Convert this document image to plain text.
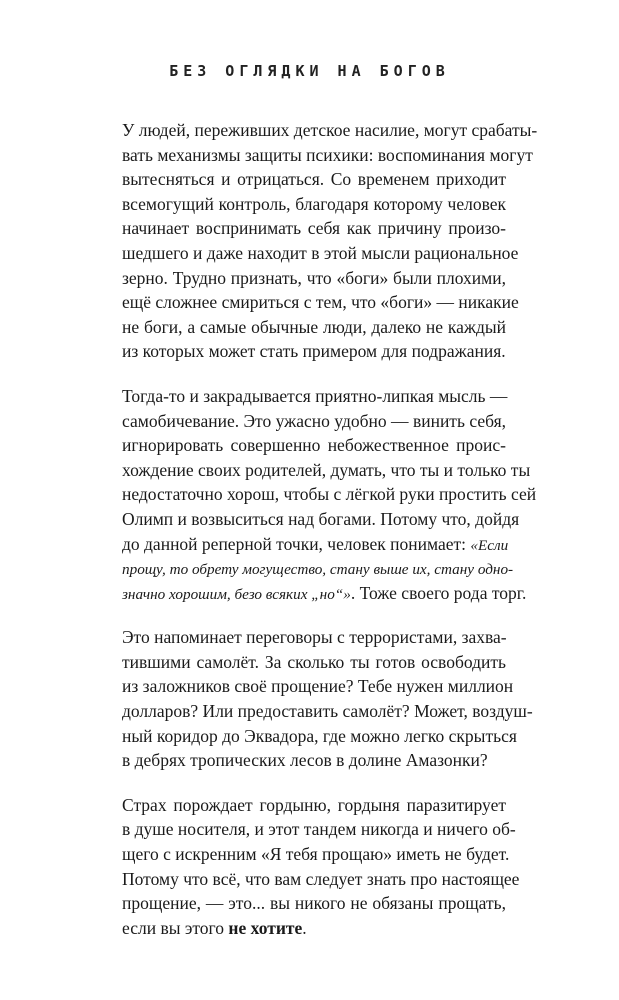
БЕЗ ОГЛЯДКИ НА БОГОВ
У людей, переживших детское насилие, могут срабаты-
вать механизмы защиты психики: воспоминания могут
вытесняться и отрицаться. Со временем приходит
всемогущий контроль, благодаря которому человек
начинает воспринимать себя как причину произо-
шедшего и даже находит в этой мысли рациональное
зерно. Трудно признать, что «боги» были плохими,
ещё сложнее смириться с тем, что «боги» — никакие
не боги, а самые обычные люди, далеко не каждый
из которых может стать примером для подражания.
Тогда-то и закрадывается приятно-липкая мысль —
самобичевание. Это ужасно удобно — винить себя,
игнорировать совершенно небожественное проис-
хождение своих родителей, думать, что ты и только ты
недостаточно хорош, чтобы с лёгкой руки простить сей
Олимп и возвыситься над богами. Потому что, дойдя
до данной реперной точки, человек понимает: «Если
прощу, то обрету могущество, стану выше их, стану одно-
значно хорошим, безо всяких „но“». Тоже своего рода торг.
Это напоминает переговоры с террористами, захва-
тившими самолёт. За сколько ты готов освободить
из заложников своё прощение? Тебе нужен миллион
долларов? Или предоставить самолёт? Может, воздуш-
ный коридор до Эквадора, где можно легко скрыться
в дебрях тропических лесов в долине Амазонки?
Страх порождает гордыню, гордыня паразитирует
в душе носителя, и этот тандем никогда и ничего об-
щего с искренним «Я тебя прощаю» иметь не будет.
Потому что всё, что вам следует знать про настоящее
прощение, — это... вы никого не обязаны прощать,
если вы этого не хотите.
